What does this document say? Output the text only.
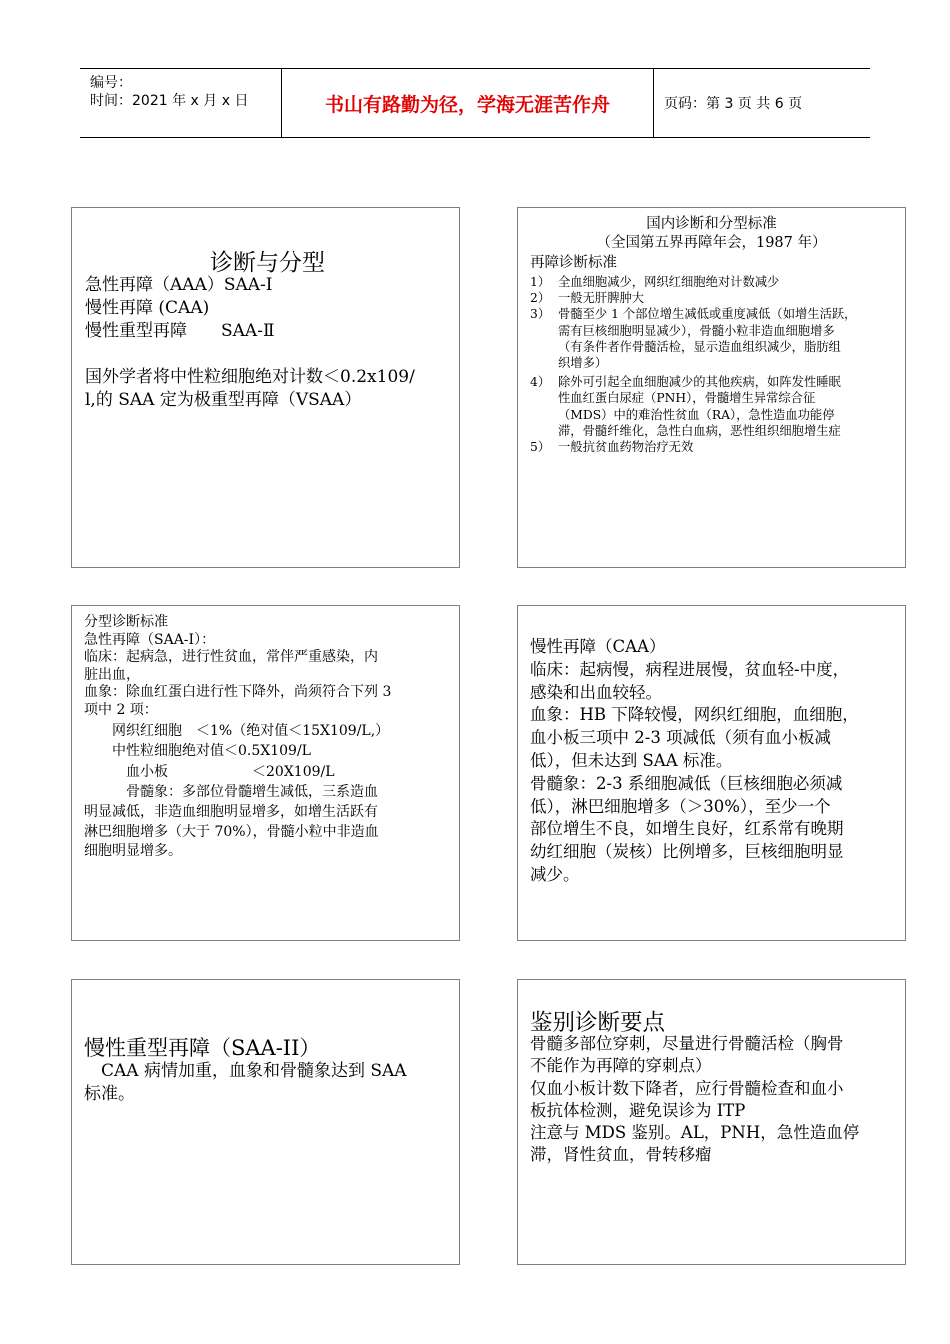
编号：
时间：2021 年 x 月 x 日	书山有路勤为径，学海无涯苦作舟	页码：第 3 页 共 6 页
诊断与分型
急性再障（AAA）SAA-I
慢性再障 (CAA)
慢性重型再障　　SAA-Ⅱ
国外学者将中性粒细胞绝对计数＜0.2x109/
l,的 SAA 定为极重型再障（VSAA）
国内诊断和分型标准
（全国第五界再障年会，1987 年）
再障诊断标准
1） 全血细胞减少，网织红细胞绝对计数减少
2） 一般无肝脾肿大
3） 骨髓至少 1 个部位增生减低或重度减低（如增生活跃，
需有巨核细胞明显减少），骨髓小粒非造血细胞增多
（有条件者作骨髓活检，显示造血组织减少，脂肪组
织增多）
4） 除外可引起全血细胞减少的其他疾病，如阵发性睡眠
性血红蛋白尿症（PNH），骨髓增生异常综合征
（MDS）中的难治性贫血（RA），急性造血功能停
滞，骨髓纤维化，急性白血病，恶性组织细胞增生症
5） 一般抗贫血药物治疗无效
分型诊断标准
急性再障（SAA-I）：
临床：起病急，进行性贫血，常伴严重感染，内
脏出血，
血象：除血红蛋白进行性下降外，尚须符合下列 3
项中 2 项：
　　网织红细胞　＜1%（绝对值＜15X109/L,）
　　中性粒细胞绝对值＜0.5X109/L
　　　血小板　　　　　　＜20X109/L
　　　骨髓象：多部位骨髓增生减低，三系造血
明显减低，非造血细胞明显增多，如增生活跃有
淋巴细胞增多（大于 70%），骨髓小粒中非造血
细胞明显增多。
慢性再障（CAA）
临床：起病慢，病程进展慢，贫血轻-中度，
感染和出血较轻。
血象：HB 下降较慢，网织红细胞，血细胞，
血小板三项中 2-3 项减低（须有血小板减
低），但未达到 SAA 标准。
骨髓象：2-3 系细胞减低（巨核细胞必须减
低），淋巴细胞增多（＞30%），至少一个
部位增生不良，如增生良好，红系常有晚期
幼红细胞（炭核）比例增多，巨核细胞明显
减少。
慢性重型再障（SAA-II）
　CAA 病情加重，血象和骨髓象达到 SAA
标准。
鉴别诊断要点
骨髓多部位穿刺，尽量进行骨髓活检（胸骨
不能作为再障的穿刺点）
仅血小板计数下降者，应行骨髓检查和血小
板抗体检测，避免误诊为 ITP
注意与 MDS 鉴别。AL，PNH，急性造血停
滞，肾性贫血，骨转移瘤
